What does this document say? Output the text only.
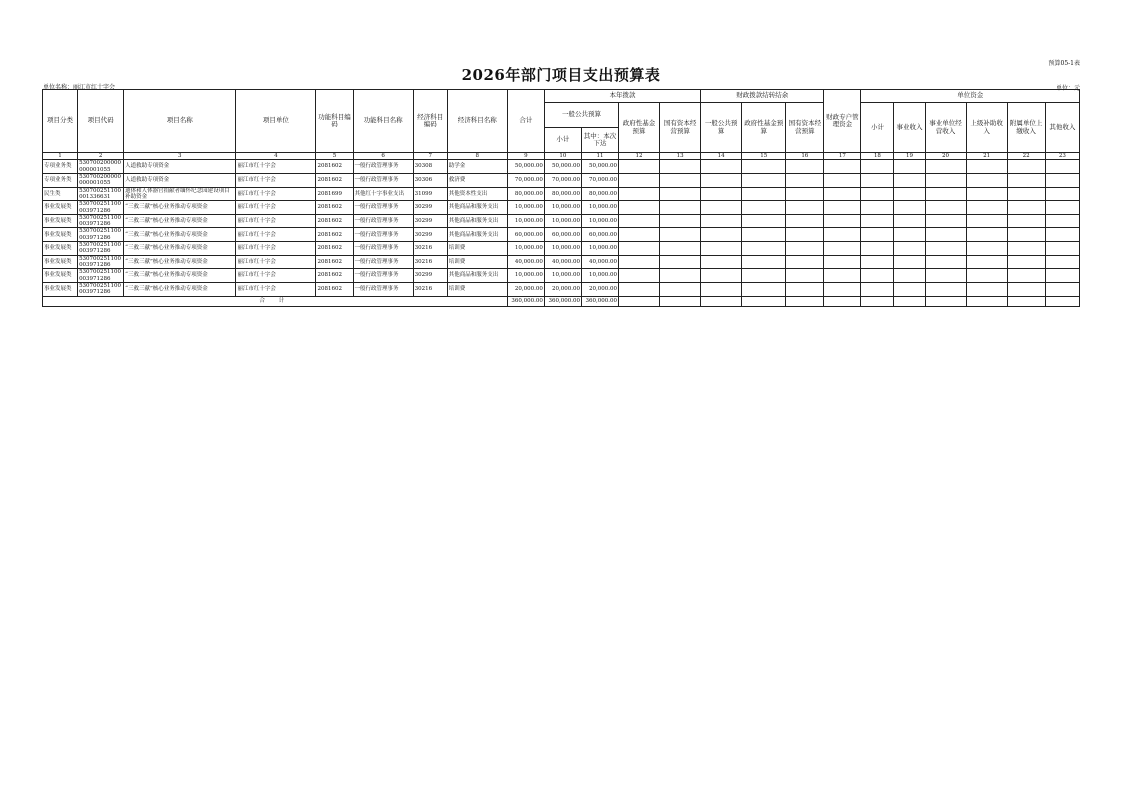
预算05-1表
2026年部门项目支出预算表
单位名称：丽江市红十字会	单位：元
项目分类	项目代码	项目名称	项目单位	功能科目编码	功能科目名称	经济科目编码	经济科目名称	合计	本年拨款				财政拨款结转结余			财政专户管理资金	单位资金					
									一般公共预算		政府性基金预算	国有资本经营预算	一般公共预算	政府性基金预算	国有资本经营预算		小计	事业收入	事业单位经营收入	上级补助收入	附属单位上缴收入	其他收入
									小计	其中：本次下达												
1	2	3	4	5	6	7	8	9	10	11	12	13	14	15	16	17	18	19	20	21	22	23
专项业务类	530700200000000001055	人道救助专项资金	丽江市红十字会	2081602	一般行政管理事务	30308	助学金	50,000.00	50,000.00	50,000.00												
专项业务类	530700200000000001055	人道救助专项资金	丽江市红十字会	2081602	一般行政管理事务	30306	救济费	70,000.00	70,000.00	70,000.00												
民生类	530700251100001336631	遗体和人体器官捐献者缅怀纪念园建设项目补助资金	丽江市红十字会	2081699	其他红十字事业支出	31099	其他资本性支出	80,000.00	80,000.00	80,000.00												
事业发展类	530700251100003971286	“三救三献”核心业务推动专项资金	丽江市红十字会	2081602	一般行政管理事务	30299	其他商品和服务支出	10,000.00	10,000.00	10,000.00												
事业发展类	530700251100003971286	“三救三献”核心业务推动专项资金	丽江市红十字会	2081602	一般行政管理事务	30299	其他商品和服务支出	10,000.00	10,000.00	10,000.00												
事业发展类	530700251100003971286	“三救三献”核心业务推动专项资金	丽江市红十字会	2081602	一般行政管理事务	30299	其他商品和服务支出	60,000.00	60,000.00	60,000.00												
事业发展类	530700251100003971286	“三救三献”核心业务推动专项资金	丽江市红十字会	2081602	一般行政管理事务	30216	培训费	10,000.00	10,000.00	10,000.00												
事业发展类	530700251100003971286	“三救三献”核心业务推动专项资金	丽江市红十字会	2081602	一般行政管理事务	30216	培训费	40,000.00	40,000.00	40,000.00												
事业发展类	530700251100003971286	“三救三献”核心业务推动专项资金	丽江市红十字会	2081602	一般行政管理事务	30299	其他商品和服务支出	10,000.00	10,000.00	10,000.00												
事业发展类	530700251100003971286	“三救三献”核心业务推动专项资金	丽江市红十字会	2081602	一般行政管理事务	30216	培训费	20,000.00	20,000.00	20,000.00												
合 计								360,000.00	360,000.00	360,000.00												
